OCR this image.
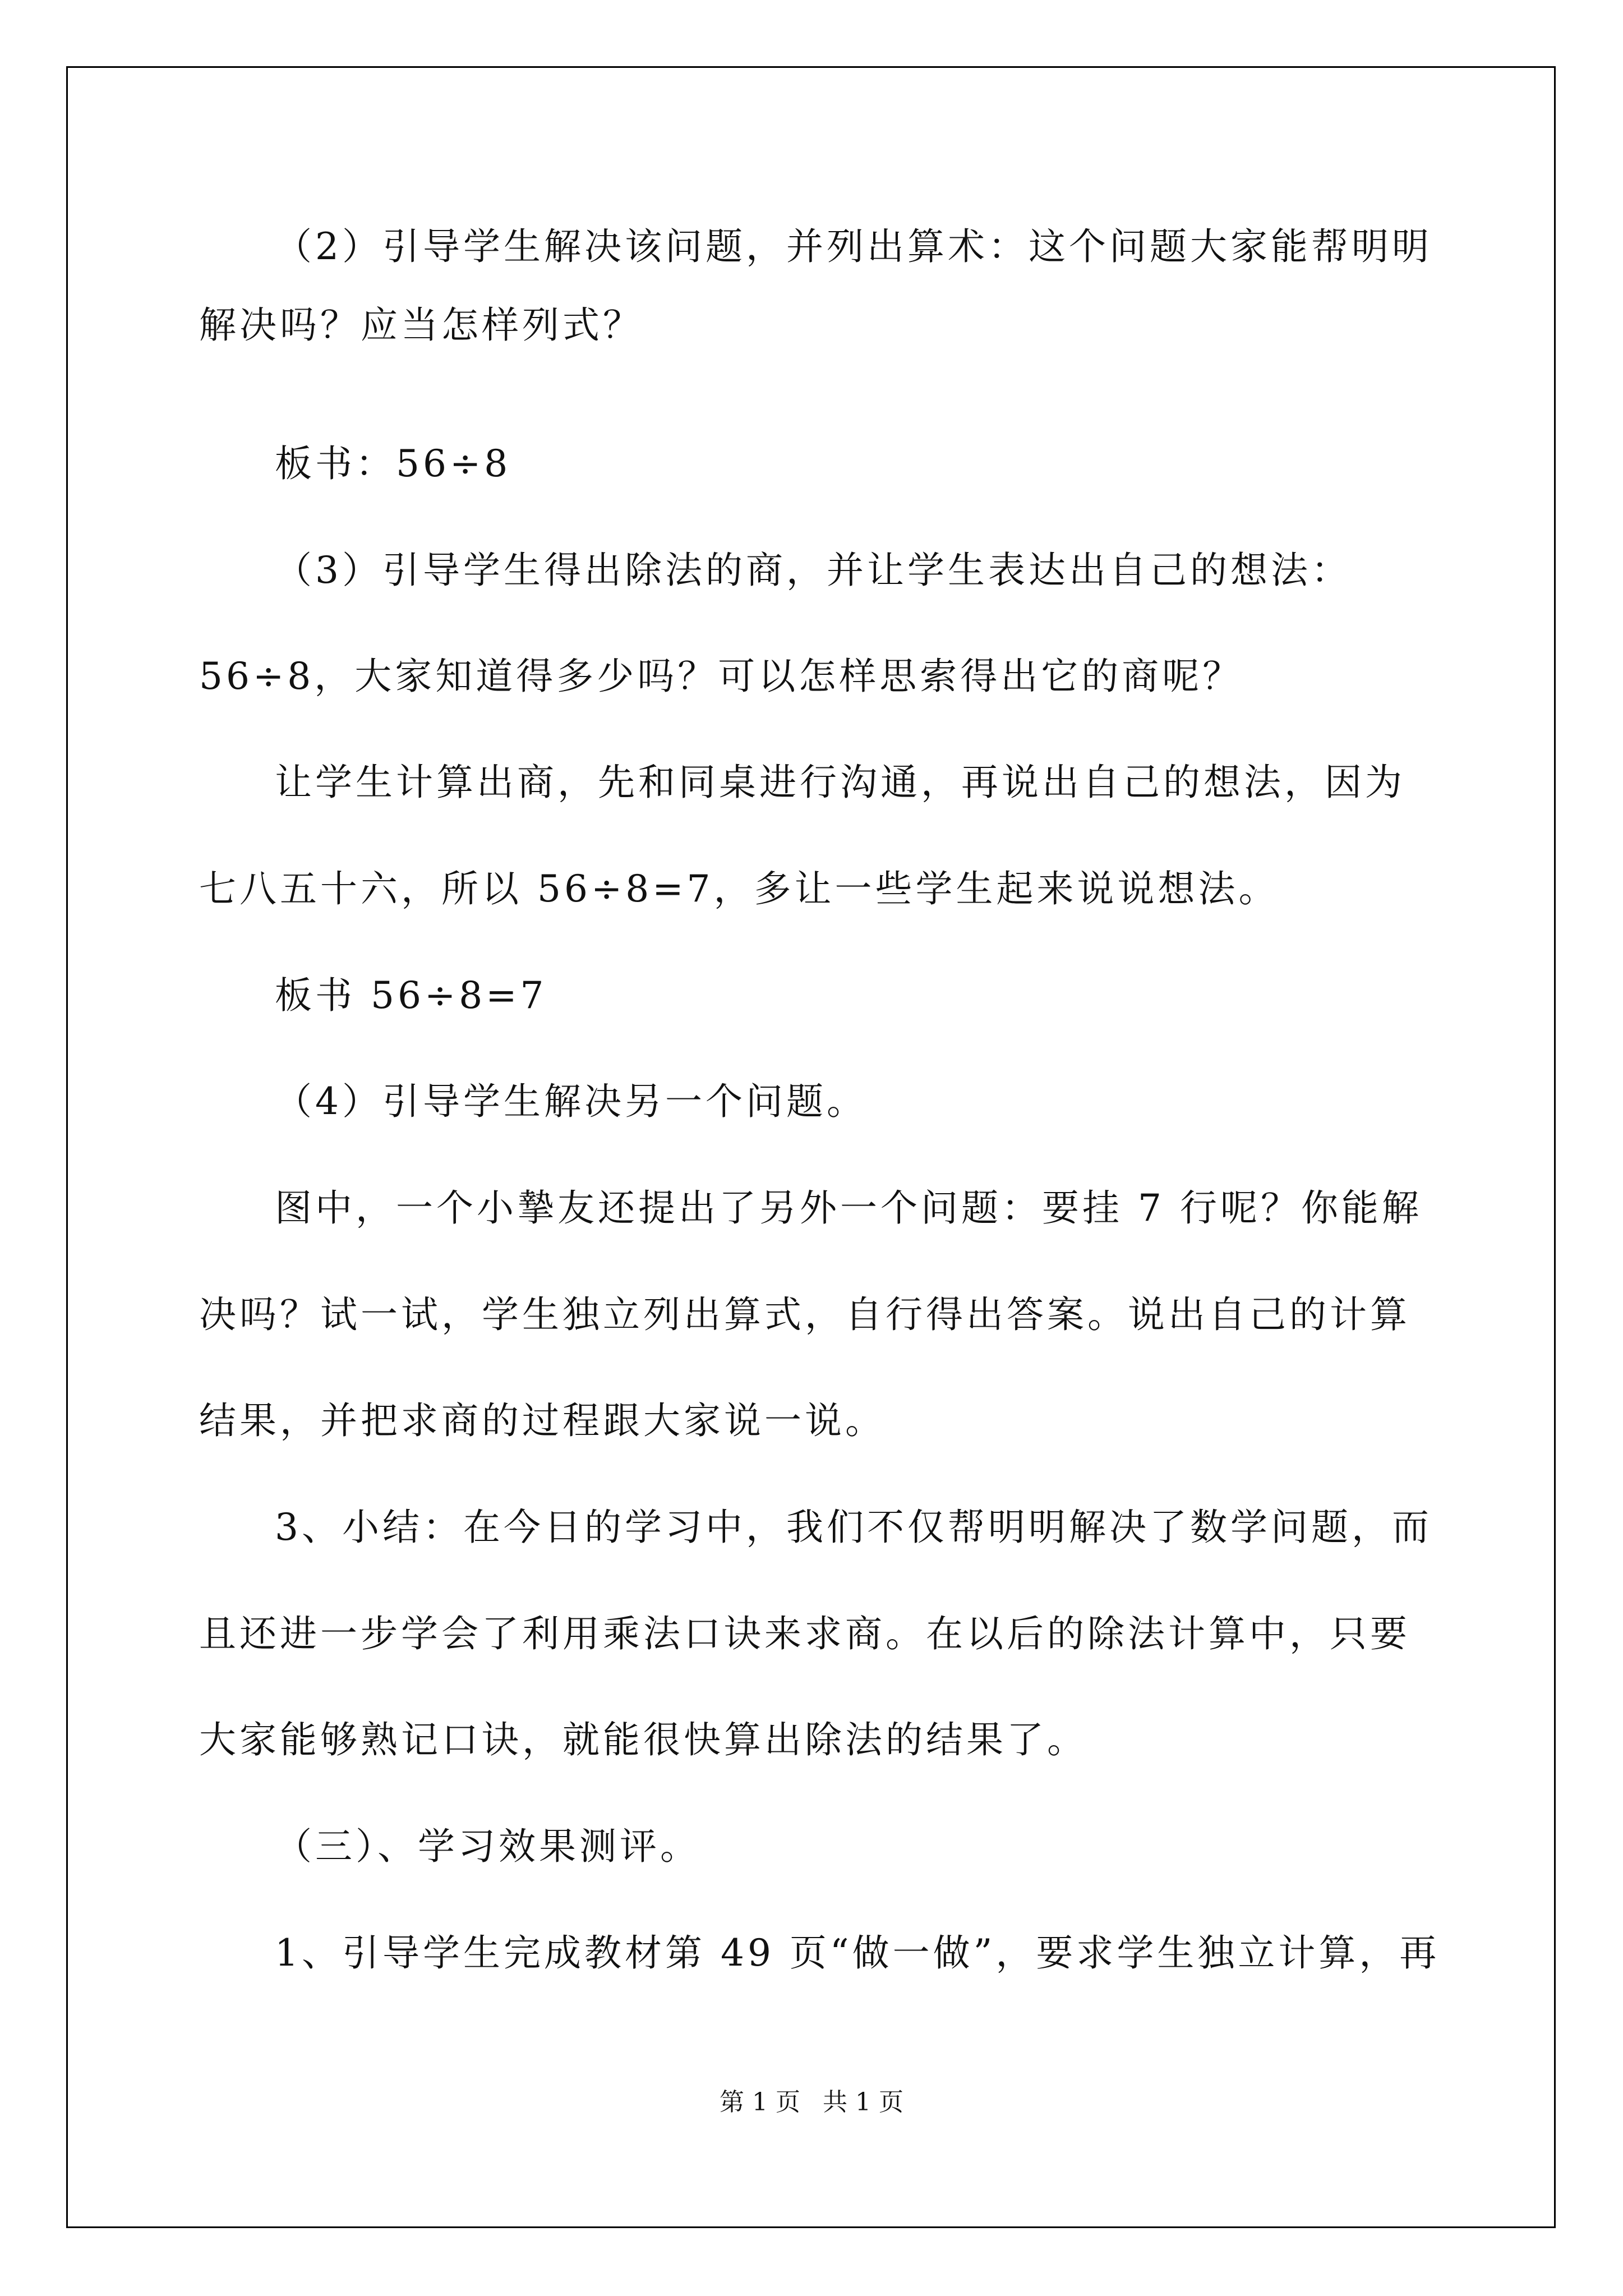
（2）引导学生解决该问题，并列出算术：这个问题大家能帮明明
解决吗？应当怎样列式？
板书：56÷8
（3）引导学生得出除法的商，并让学生表达出自己的想法：
56÷8，大家知道得多少吗？可以怎样思索得出它的商呢？
让学生计算出商，先和同桌进行沟通，再说出自己的想法，因为
七八五十六，所以 56÷8=7，多让一些学生起来说说想法。
板书 56÷8=7
（4）引导学生解决另一个问题。
图中，一个小摯友还提出了另外一个问题：要挂 7 行呢？你能解
决吗？试一试，学生独立列出算式，自行得出答案。说出自己的计算
结果，并把求商的过程跟大家说一说。
3、小结：在今日的学习中，我们不仅帮明明解决了数学问题，而
且还进一步学会了利用乘法口诀来求商。在以后的除法计算中，只要
大家能够熟记口诀，就能很快算出除法的结果了。
（三）、学习效果测评。
1、引导学生完成教材第 49 页“做一做”，要求学生独立计算，再
第 1 页 共 1 页
